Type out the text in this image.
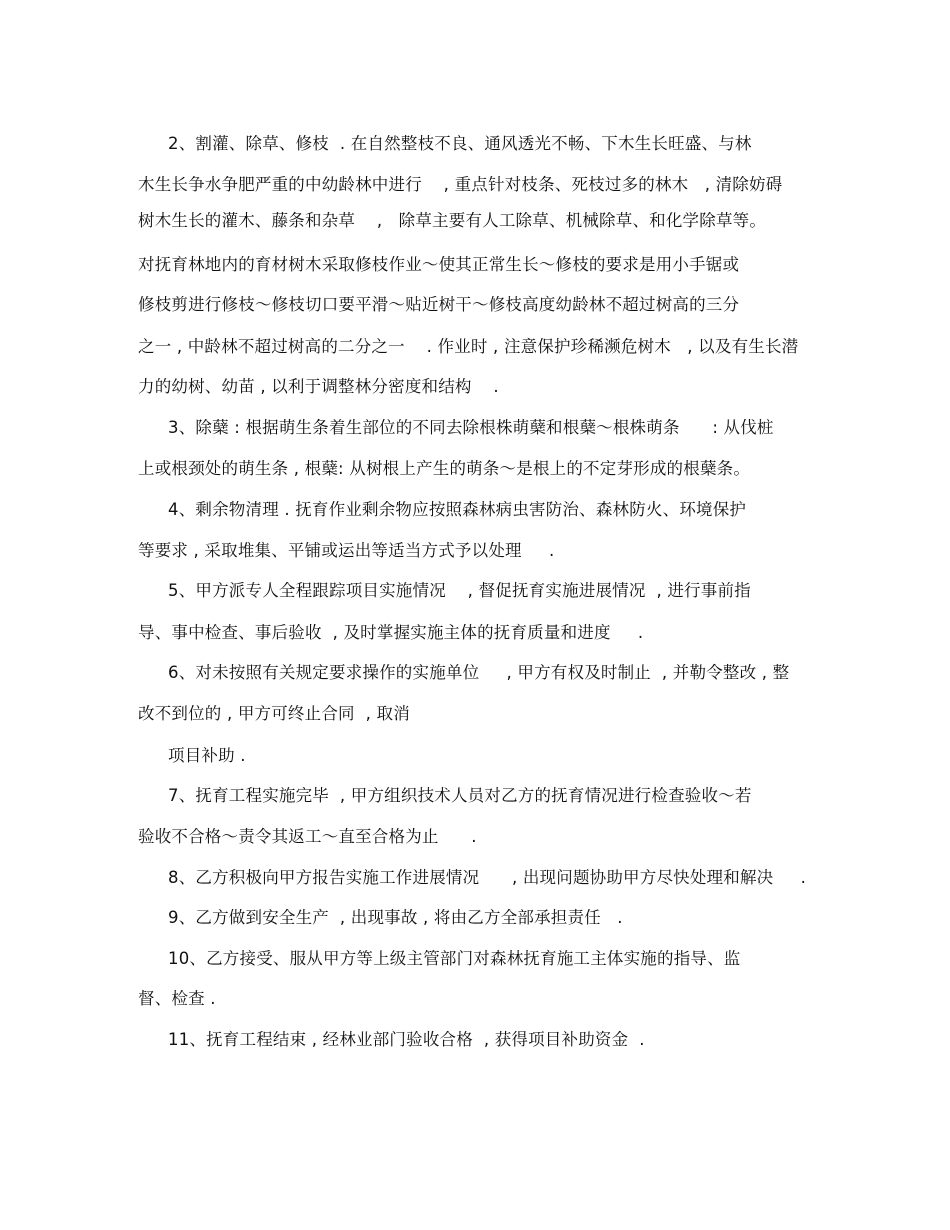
2、割灌、除草、修枝  . 在自然整枝不良、通风透光不畅、下木生长旺盛、与林
木生长争水争肥严重的中幼龄林中进行    , 重点针对枝条、死枝过多的林木   , 清除妨碍
树木生长的灌木、藤条和杂草    ,   除草主要有人工除草、机械除草、和化学除草等。
对抚育林地内的育材树木采取修枝作业～使其正常生长～修枝的要求是用小手锯或
修枝剪进行修枝～修枝切口要平滑～贴近树干～修枝高度幼龄林不超过树高的三分
之一 , 中龄林不超过树高的二分之一    . 作业时 , 注意保护珍稀濒危树木   , 以及有生长潜
力的幼树、幼苗 , 以利于调整林分密度和结构    .
3、除蘖 : 根据萌生条着生部位的不同去除根株萌蘖和根蘖～根株萌条      : 从伐桩
上或根颈处的萌生条 , 根蘖: 从树根上产生的萌条～是根上的不定芽形成的根蘖条。
4、剩余物清理 . 抚育作业剩余物应按照森林病虫害防治、森林防火、环境保护
等要求 , 采取堆集、平铺或运出等适当方式予以处理     .
5、甲方派专人全程跟踪项目实施情况    , 督促抚育实施进展情况  , 进行事前指
导、事中检查、事后验收  , 及时掌握实施主体的抚育质量和进度     .
6、对未按照有关规定要求操作的实施单位     , 甲方有权及时制止  , 并勒令整改 , 整
改不到位的 , 甲方可终止合同  , 取消
项目补助 .
7、抚育工程实施完毕  , 甲方组织技术人员对乙方的抚育情况进行检查验收～若
验收不合格～责令其返工～直至合格为止      .
8、乙方积极向甲方报告实施工作进展情况      , 出现问题协助甲方尽快处理和解决     .
9、乙方做到安全生产  , 出现事故 , 将由乙方全部承担责任   .
10、乙方接受、服从甲方等上级主管部门对森林抚育施工主体实施的指导、监
督、检查 .
11、抚育工程结束 , 经林业部门验收合格  , 获得项目补助资金  .
